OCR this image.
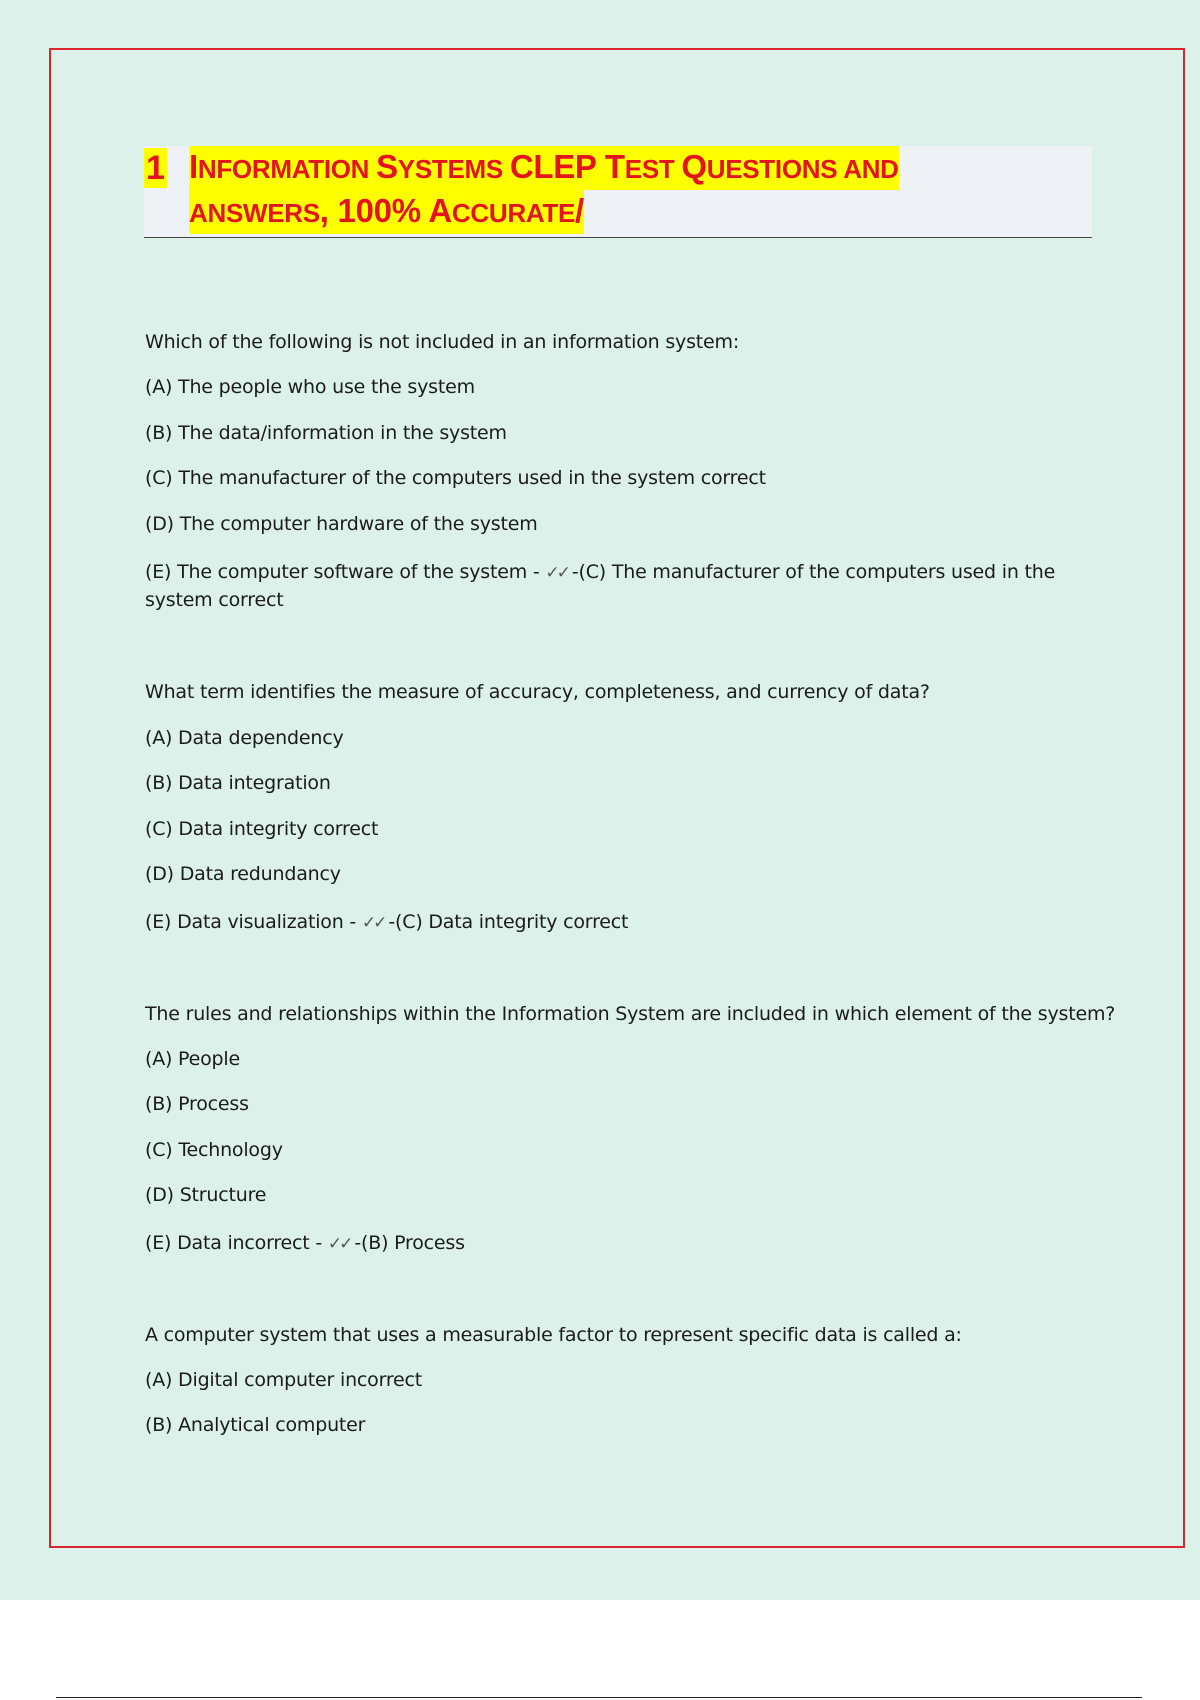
1 INFORMATION SYSTEMS CLEP TEST QUESTIONS AND
ANSWERS, 100% ACCURATE/
Which of the following is not included in an information system:
(A) The people who use the system
(B) The data/information in the system
(C) The manufacturer of the computers used in the system correct
(D) The computer hardware of the system
(E) The computer software of the system - ✓✓ -(C) The manufacturer of the computers used in the
system correct
What term identifies the measure of accuracy, completeness, and currency of data?
(A) Data dependency
(B) Data integration
(C) Data integrity correct
(D) Data redundancy
(E) Data visualization - ✓✓ -(C) Data integrity correct
The rules and relationships within the Information System are included in which element of the system?
(A) People
(B) Process
(C) Technology
(D) Structure
(E) Data incorrect - ✓✓ -(B) Process
A computer system that uses a measurable factor to represent specific data is called a:
(A) Digital computer incorrect
(B) Analytical computer
